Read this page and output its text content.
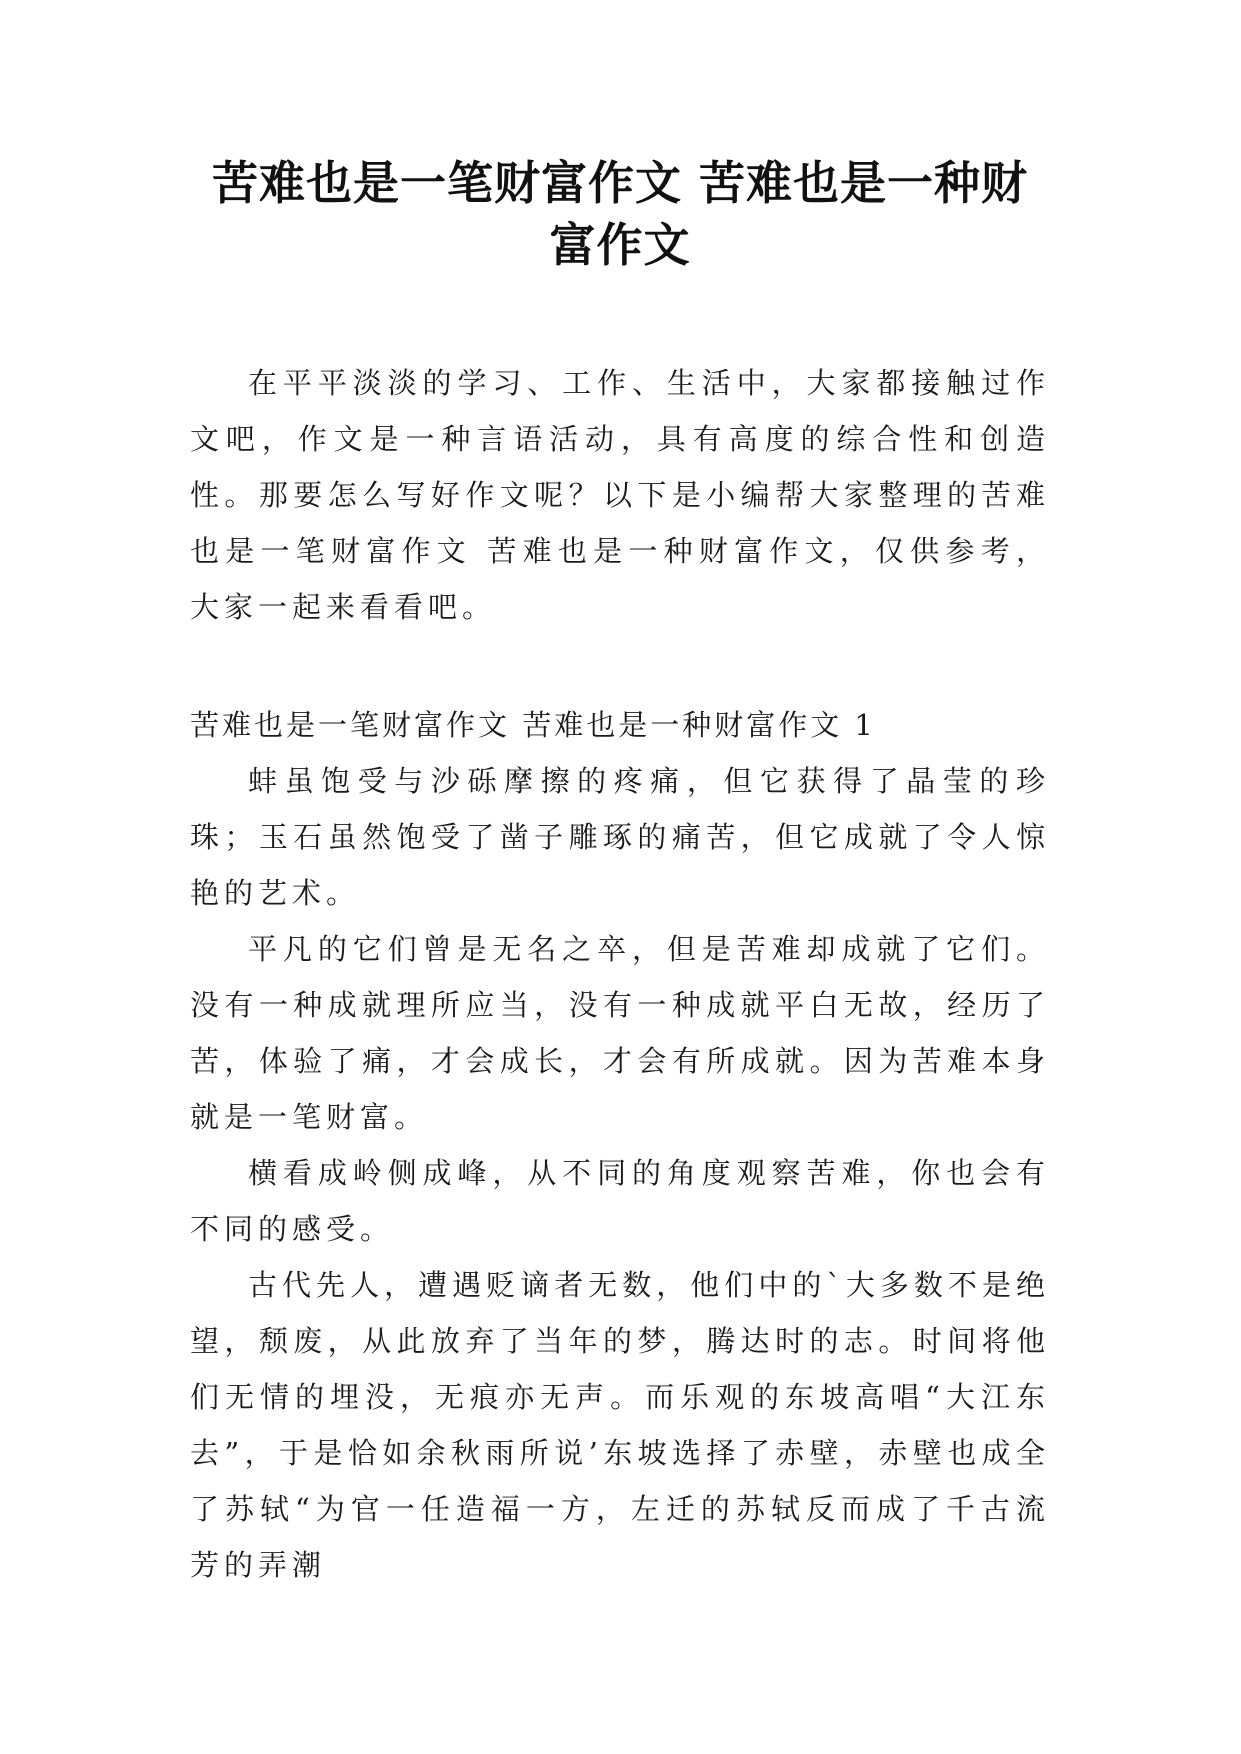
苦难也是一笔财富作文 苦难也是一种财富作文

在平平淡淡的学习、工作、生活中，大家都接触过作文吧，作文是一种言语活动，具有高度的综合性和创造性。那要怎么写好作文呢？以下是小编帮大家整理的苦难也是一笔财富作文 苦难也是一种财富作文，仅供参考，大家一起来看看吧。

苦难也是一笔财富作文 苦难也是一种财富作文 1

蚌虽饱受与沙砾摩擦的疼痛，但它获得了晶莹的珍珠；玉石虽然饱受了凿子雕琢的痛苦，但它成就了令人惊艳的艺术。

平凡的它们曾是无名之卒，但是苦难却成就了它们。没有一种成就理所应当，没有一种成就平白无故，经历了苦，体验了痛，才会成长，才会有所成就。因为苦难本身就是一笔财富。

横看成岭侧成峰，从不同的角度观察苦难，你也会有不同的感受。

古代先人，遭遇贬谪者无数，他们中的`大多数不是绝望，颓废，从此放弃了当年的梦，腾达时的志。时间将他们无情的埋没，无痕亦无声。而乐观的东坡高唱“大江东去”，于是恰如余秋雨所说’东坡选择了赤壁，赤壁也成全了苏轼“为官一任造福一方，左迁的苏轼反而成了千古流芳的弄潮
